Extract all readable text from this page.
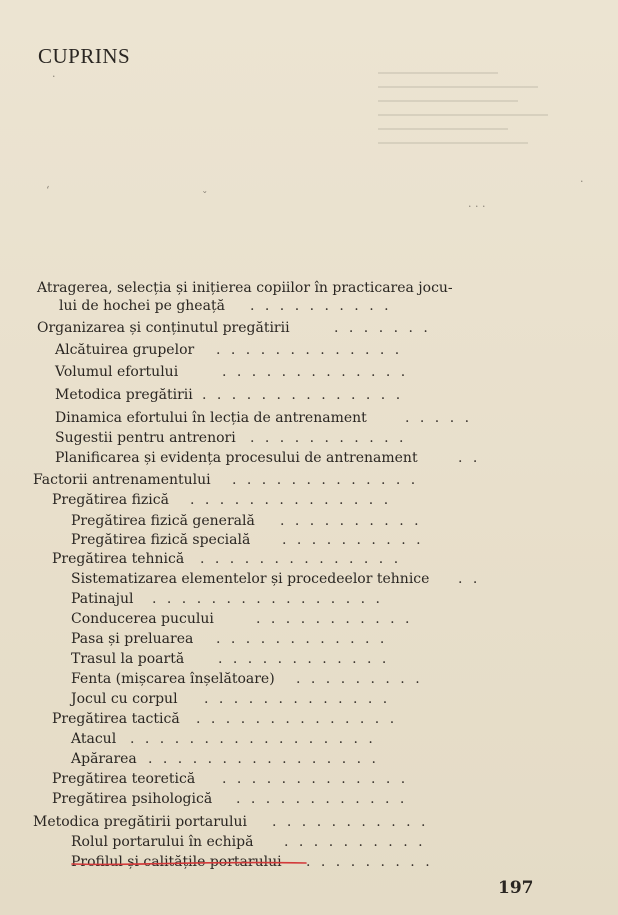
·
‘	ˇ
·
· · ·
CUPRINS
Atragerea, selecția și inițierea copiilor în practicarea jocu-
lui de hochei pe gheață . . . . . . . . . .
Organizarea și conținutul pregătirii	. . . . . . .
Alcătuirea grupelor . . . . . . . . . . . . .
Volumul efortului	. . . . . . . . . . . . .
Metodica pregătirii . . . . . . . . . . . . . .
Dinamica efortului în lecția de antrenament	. . . . .
Sugestii pentru antrenori . . . . . . . . . . .
Planificarea și evidența procesului de antrenament	. .
Factorii antrenamentului . . . . . . . . . . . . .
Pregătirea fizică . . . . . . . . . . . . . .
Pregătirea fizică generală . . . . . . . . . .
Pregătirea fizică specială . . . . . . . . . .
Pregătirea tehnică . . . . . . . . . . . . . .
Sistematizarea elementelor și procedeelor tehnice . .
Patinajul . . . . . . . . . . . . . . . .
Conducerea pucului	. . . . . . . . . . .
Pasa și preluarea . . . . . . . . . . . .
Trasul la poartă . . . . . . . . . . . .
Fenta (mișcarea înșelătoare) . . . . . . . . .
Jocul cu corpul . . . . . . . . . . . . .
Pregătirea tactică . . . . . . . . . . . . . .
Atacul . . . . . . . . . . . . . . . . .
Apărarea . . . . . . . . . . . . . . . .
Pregătirea teoretică . . . . . . . . . . . . .
Pregătirea psihologică . . . . . . . . . . . .
Metodica pregătirii portarului . . . . . . . . . . .
Rolul portarului în echipă . . . . . . . . . .
Profilul și calitățile portarului . . . . . . . . .
197
